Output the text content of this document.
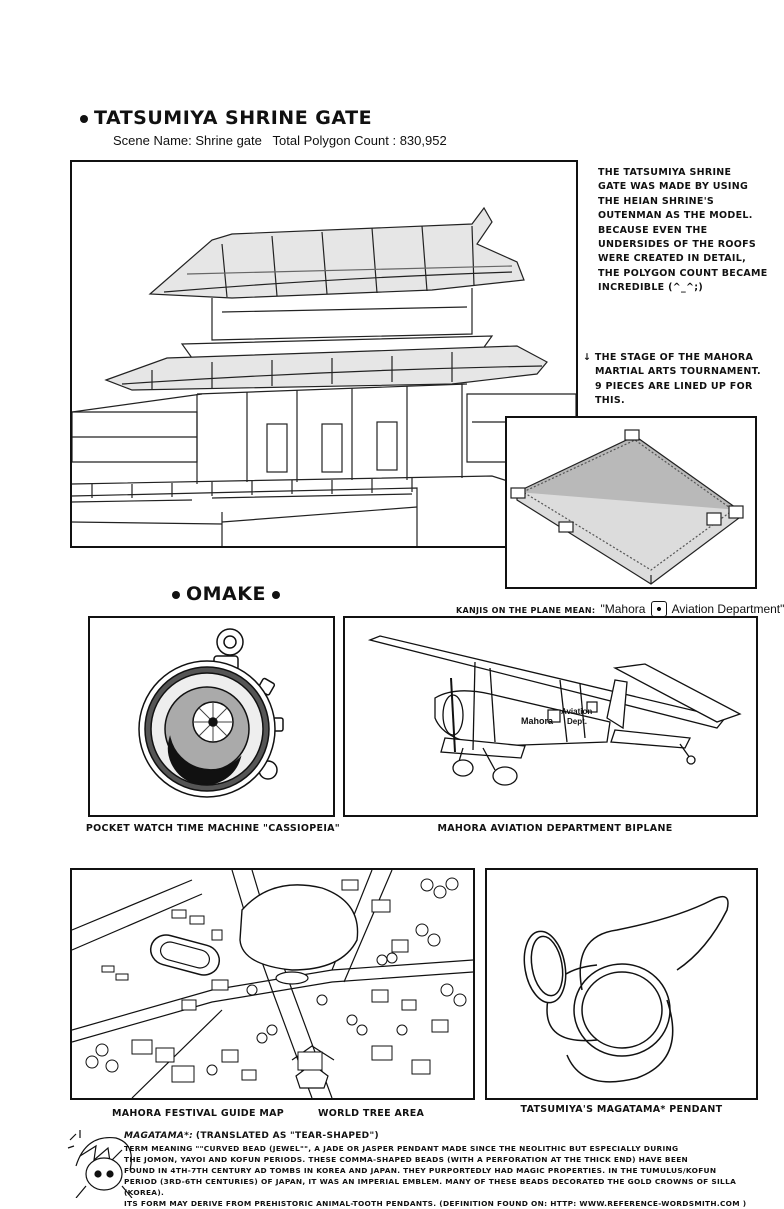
TATSUMIYA SHRINE GATE
Scene Name: Shrine gate Total Polygon Count : 830,952
THE TATSUMIYA SHRINE
GATE WAS MADE BY USING
THE HEIAN SHRINE'S
OUTENMAN AS THE MODEL.
BECAUSE EVEN THE
UNDERSIDES OF THE ROOFS
WERE CREATED IN DETAIL,
THE POLYGON COUNT BECAME
INCREDIBLE (^_^;)
↓ THE STAGE OF THE MAHORA
MARTIAL ARTS TOURNAMENT.
9 PIECES ARE LINED UP FOR
THIS.
OMAKE
KANJIS ON THE PLANE MEAN: "Mahora Aviation Department"
Mahora
Aviation
Dept.
POCKET WATCH TIME MACHINE "CASSIOPEIA"	MAHORA AVIATION DEPARTMENT BIPLANE
MAHORA FESTIVAL GUIDE MAP	WORLD TREE AREA	TATSUMIYA'S MAGATAMA* PENDANT
MAGATAMA*: (TRANSLATED AS "TEAR-SHAPED")
TERM MEANING ""CURVED BEAD (JEWEL"", A JADE OR JASPER PENDANT MADE SINCE THE NEOLITHIC BUT ESPECIALLY DURING
THE JOMON, YAYOI AND KOFUN PERIODS. THESE COMMA-SHAPED BEADS (WITH A PERFORATION AT THE THICK END) HAVE BEEN
FOUND IN 4TH-7TH CENTURY AD TOMBS IN KOREA AND JAPAN. THEY PURPORTEDLY HAD MAGIC PROPERTIES. IN THE TUMULUS/KOFUN
PERIOD (3RD-6TH CENTURIES) OF JAPAN, IT WAS AN IMPERIAL EMBLEM. MANY OF THESE BEADS DECORATED THE GOLD CROWNS OF SILLA (KOREA).
ITS FORM MAY DERIVE FROM PREHISTORIC ANIMAL-TOOTH PENDANTS. (DEFINITION FOUND ON: HTTP: WWW.REFERENCE-WORDSMITH.COM )
